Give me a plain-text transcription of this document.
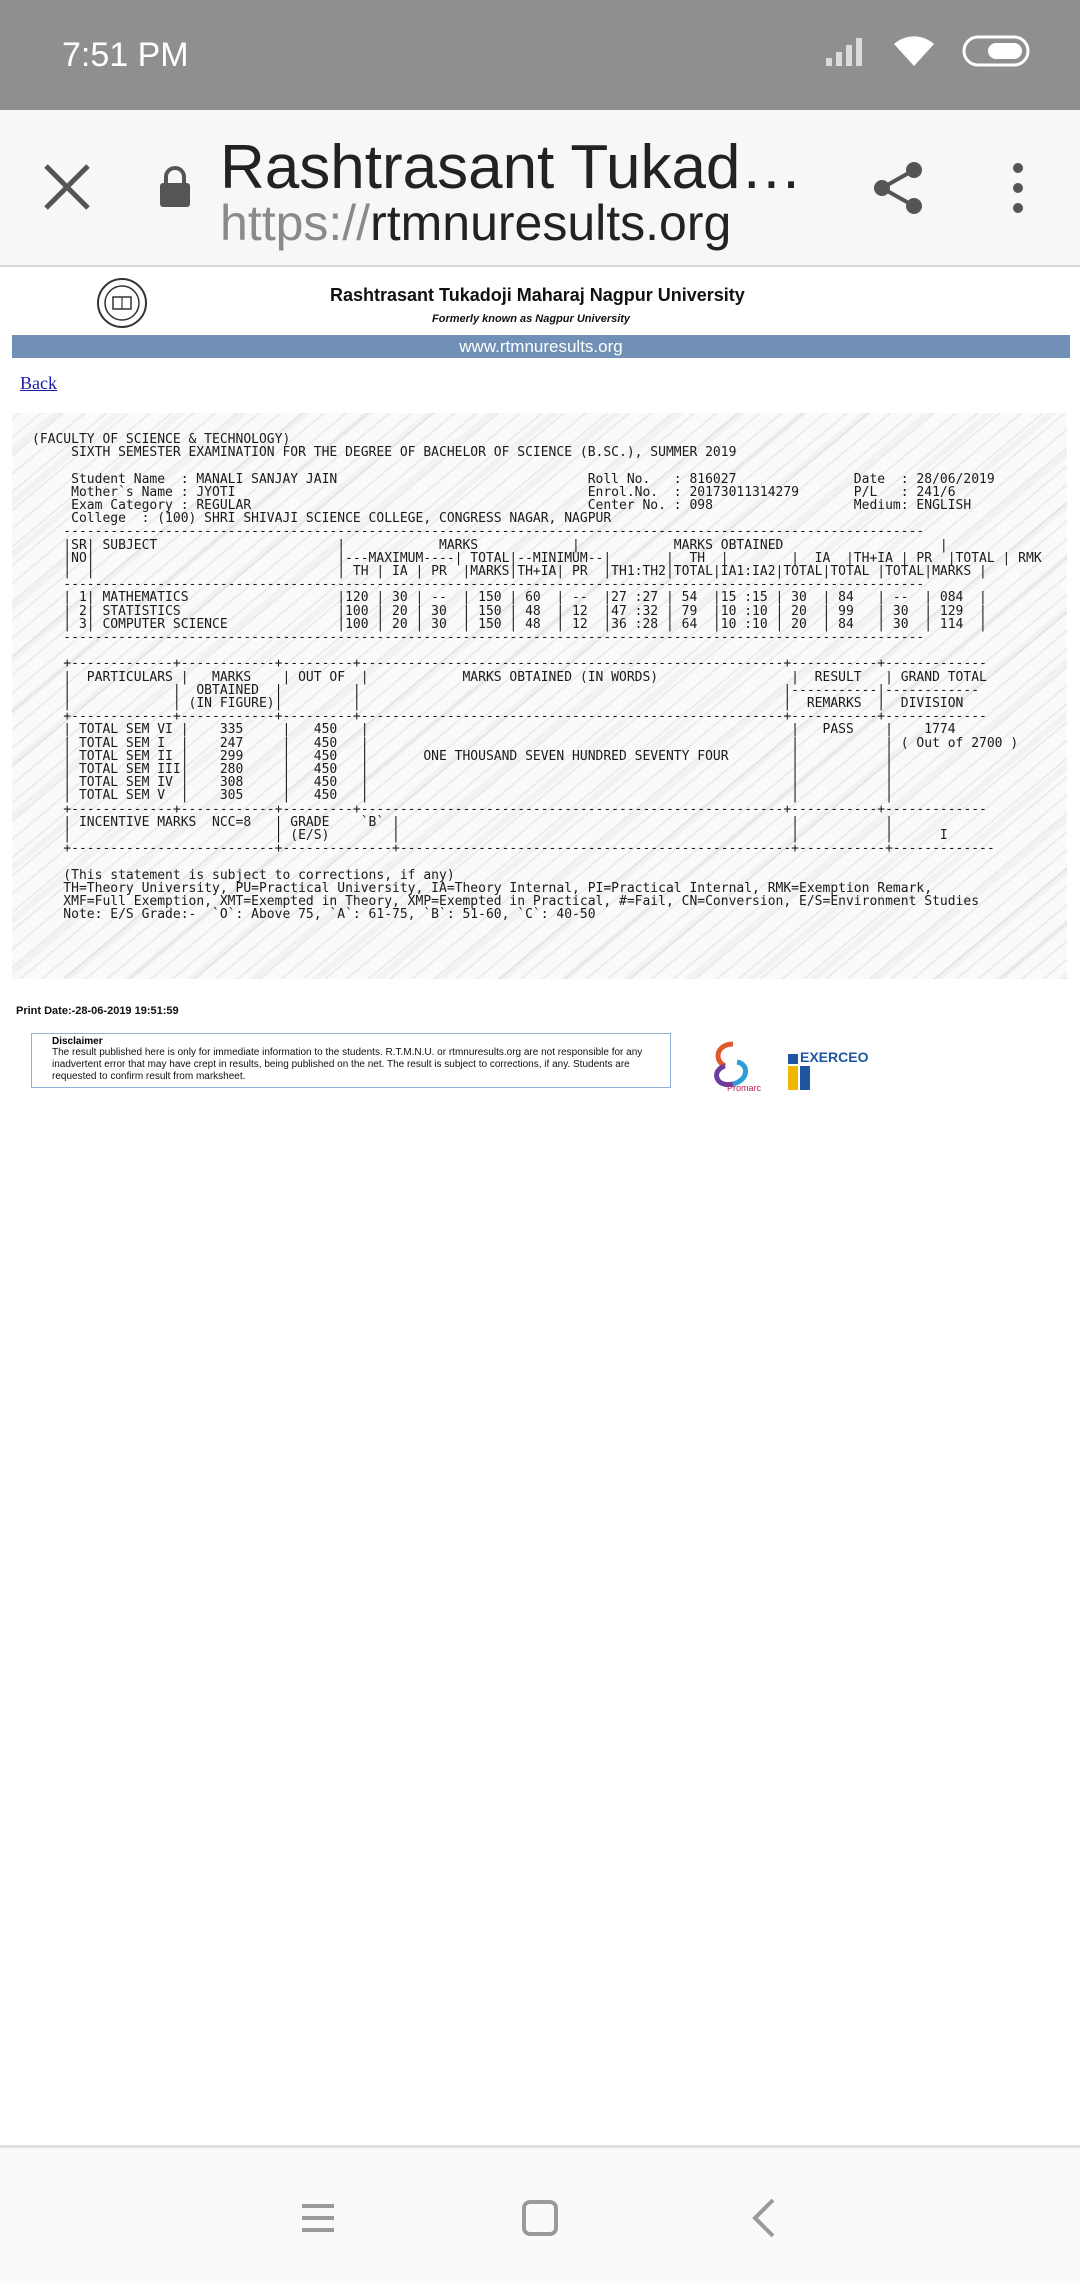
7:51 PM
Rashtrasant Tukad…
https://rtmnuresults.org
Rashtrasant Tukadoji Maharaj Nagpur University
Formerly known as Nagpur University
www.rtmnuresults.org
Back
(FACULTY OF SCIENCE & TECHNOLOGY)
SIXTH SEMESTER EXAMINATION FOR THE DEGREE OF BACHELOR OF SCIENCE (B.SC.), SUMMER 2019

Student Name  : MANALI SANJAY JAIN                                Roll No.   : 816027               Date  : 28/06/2019
Mother`s Name : JYOTI                                             Enrol.No.  : 20173011314279       P/L   : 241/6
Exam Category : REGULAR                                           Center No. : 098                  Medium: ENGLISH
College  : (100) SHRI SHIVAJI SCIENCE COLLEGE, CONGRESS NAGAR, NAGPUR
--------------------------------------------------------------------------------------------------------------
|SR| SUBJECT                       |            MARKS            |            MARKS OBTAINED                    |
|NO|                               |---MAXIMUM----| TOTAL|--MINIMUM--|       |  TH  |        |  IA  |TH+IA | PR  |TOTAL | RMK
|  |                               | TH | IA | PR  |MARKS|TH+IA| PR  |TH1:TH2|TOTAL|IA1:IA2|TOTAL|TOTAL |TOTAL|MARKS |
--------------------------------------------------------------------------------------------------------------
| 1| MATHEMATICS                   |120 | 30 | --  | 150 | 60  | --  |27 :27 | 54  |15 :15 | 30  | 84   | --  | 084  |
| 2| STATISTICS                    |100 | 20 | 30  | 150 | 48  | 12  |47 :32 | 79  |10 :10 | 20  | 99   | 30  | 129  |
| 3| COMPUTER SCIENCE              |100 | 20 | 30  | 150 | 48  | 12  |36 :28 | 64  |10 :10 | 20  | 84   | 30  | 114  |
--------------------------------------------------------------------------------------------------------------

+-------------+------------+---------+------------------------------------------------------+-----------+-------------
|  PARTICULARS |   MARKS    | OUT OF  |            MARKS OBTAINED (IN WORDS)                 |  RESULT   | GRAND TOTAL
|             |  OBTAINED  |         |                                                      |-----------|------------
|             | (IN FIGURE)|         |                                                      |  REMARKS  |  DIVISION
+-------------+------------+---------+------------------------------------------------------+-----------+-------------
| TOTAL SEM VI |    335     |   450   |                                                      |   PASS    |    1774
| TOTAL SEM I  |    247     |   450   |                                                      |           | ( Out of 2700 )
| TOTAL SEM II |    299     |   450   |       ONE THOUSAND SEVEN HUNDRED SEVENTY FOUR        |           |
| TOTAL SEM III|    280     |   450   |                                                      |           |
| TOTAL SEM IV |    308     |   450   |                                                      |           |
| TOTAL SEM V  |    305     |   450   |                                                      |           |
+-------------+------------+---------+------------------------------------------------------+-----------+-------------
| INCENTIVE MARKS  NCC=8   | GRADE    `B` |                                                  |           |
|                          | (E/S)        |                                                  |           |      I
+--------------------------+--------------+--------------------------------------------------+-----------+-------------

(This statement is subject to corrections, if any)
TH=Theory University, PU=Practical University, IA=Theory Internal, PI=Practical Internal, RMK=Exemption Remark,
XMF=Full Exemption, XMT=Exempted in Theory, XMP=Exempted in Practical, #=Fail, CN=Conversion, E/S=Environment Studies
Note: E/S Grade:-  `O`: Above 75, `A`: 61-75, `B`: 51-60, `C`: 40-50
Print Date:-28-06-2019 19:51:59
Disclaimer
The result published here is only for immediate information to the students. R.T.M.N.U. or rtmnuresults.org are not responsible for any inadvertent error that may have crept in results, being published on the net. The result is subject to corrections, if any. Students are requested to confirm result from marksheet.
Promarc
EXERCEO
